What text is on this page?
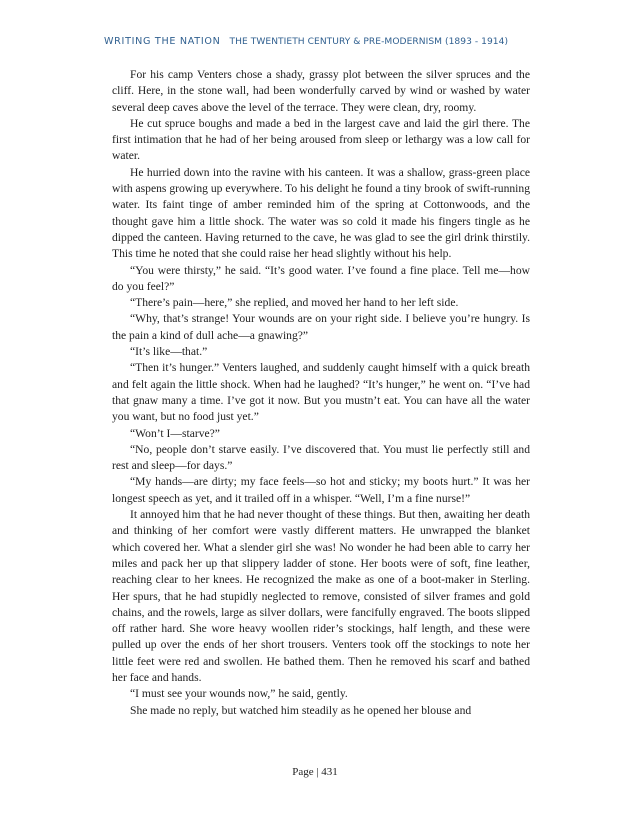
WRITING THE NATION THE TWENTIETH CENTURY & PRE-MODERNISM (1893 - 1914)

For his camp Venters chose a shady, grassy plot between the silver spruces and the cliff. Here, in the stone wall, had been wonderfully carved by wind or washed by water several deep caves above the level of the terrace. They were clean, dry, roomy.

He cut spruce boughs and made a bed in the largest cave and laid the girl there. The first intimation that he had of her being aroused from sleep or lethargy was a low call for water.

He hurried down into the ravine with his canteen. It was a shallow, grass-green place with aspens growing up everywhere. To his delight he found a tiny brook of swift-running water. Its faint tinge of amber reminded him of the spring at Cottonwoods, and the thought gave him a little shock. The water was so cold it made his fingers tingle as he dipped the canteen. Having returned to the cave, he was glad to see the girl drink thirstily. This time he noted that she could raise her head slightly without his help.

“You were thirsty,” he said. “It’s good water. I’ve found a fine place. Tell me—how do you feel?”

“There’s pain—here,” she replied, and moved her hand to her left side.

“Why, that’s strange! Your wounds are on your right side. I believe you’re hungry. Is the pain a kind of dull ache—a gnawing?”

“It’s like—that.”

“Then it’s hunger.” Venters laughed, and suddenly caught himself with a quick breath and felt again the little shock. When had he laughed? “It’s hunger,” he went on. “I’ve had that gnaw many a time. I’ve got it now. But you mustn’t eat. You can have all the water you want, but no food just yet.”

“Won’t I—starve?”

“No, people don’t starve easily. I’ve discovered that. You must lie perfectly still and rest and sleep—for days.”

“My hands—are dirty; my face feels—so hot and sticky; my boots hurt.” It was her longest speech as yet, and it trailed off in a whisper. “Well, I’m a fine nurse!”

It annoyed him that he had never thought of these things. But then, awaiting her death and thinking of her comfort were vastly different matters. He unwrapped the blanket which covered her. What a slender girl she was! No wonder he had been able to carry her miles and pack her up that slippery ladder of stone. Her boots were of soft, fine leather, reaching clear to her knees. He recognized the make as one of a boot-maker in Sterling. Her spurs, that he had stupidly neglected to remove, consisted of silver frames and gold chains, and the rowels, large as silver dollars, were fancifully engraved. The boots slipped off rather hard. She wore heavy woollen rider’s stockings, half length, and these were pulled up over the ends of her short trousers. Venters took off the stockings to note her little feet were red and swollen. He bathed them. Then he removed his scarf and bathed her face and hands.

“I must see your wounds now,” he said, gently.

She made no reply, but watched him steadily as he opened her blouse and

Page | 431
